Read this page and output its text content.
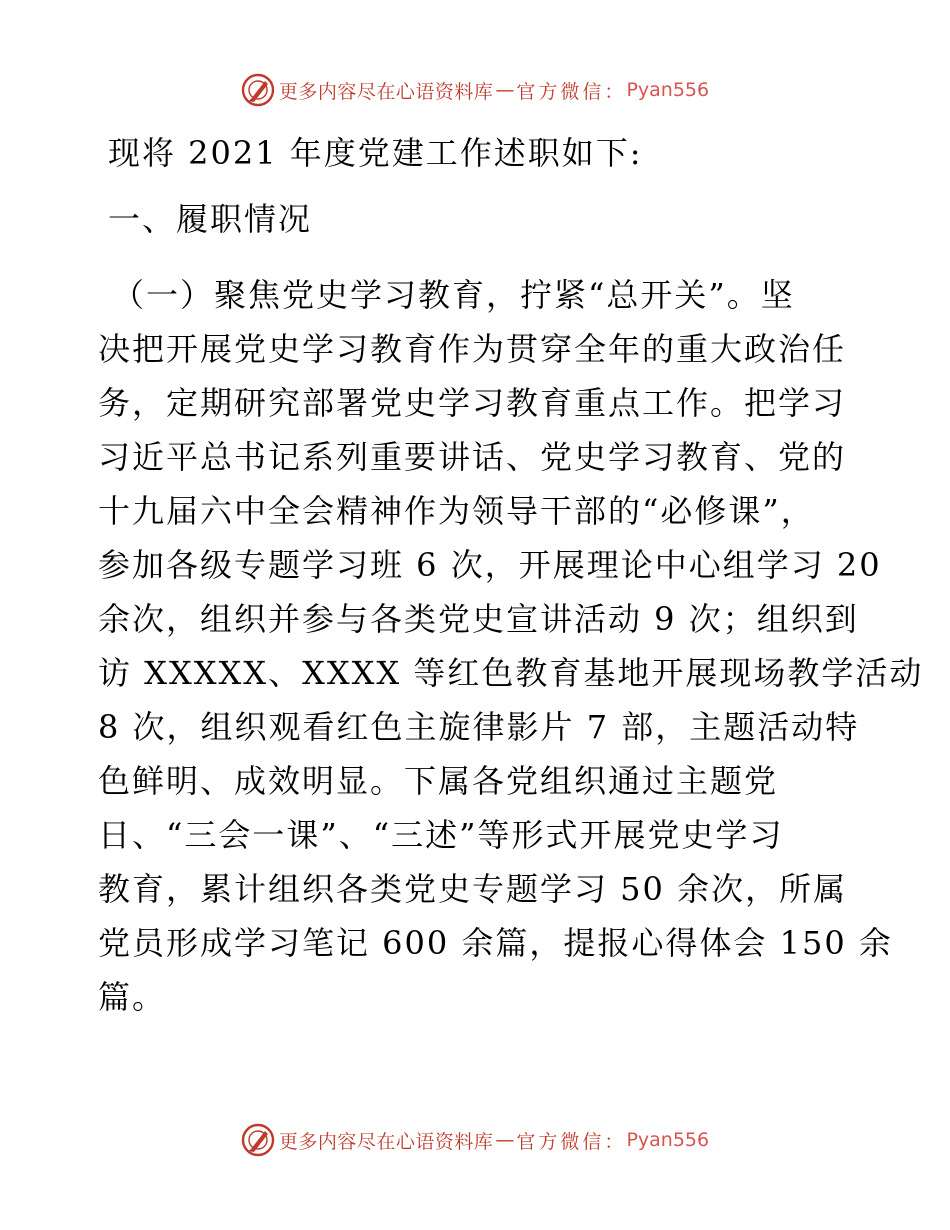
更多内容尽在心语资料库 — 官方微信： Pyan556
现将 2021 年度党建工作述职如下:
一、履职情况
（一）聚焦党史学习教育，拧紧“总开关”。坚
决把开展党史学习教育作为贯穿全年的重大政治任
务，定期研究部署党史学习教育重点工作。把学习
习近平总书记系列重要讲话、党史学习教育、党的
十九届六中全会精神作为领导干部的“必修课”，
参加各级专题学习班 6 次，开展理论中心组学习 20
余次，组织并参与各类党史宣讲活动 9 次；组织到
访 XXXXX、XXXX 等红色教育基地开展现场教学活动
8 次，组织观看红色主旋律影片 7 部，主题活动特
色鲜明、成效明显。下属各党组织通过主题党
日、“三会一课”、“三述”等形式开展党史学习
教育，累计组织各类党史专题学习 50 余次，所属
党员形成学习笔记 600 余篇，提报心得体会 150 余
篇。
更多内容尽在心语资料库 — 官方微信： Pyan556
